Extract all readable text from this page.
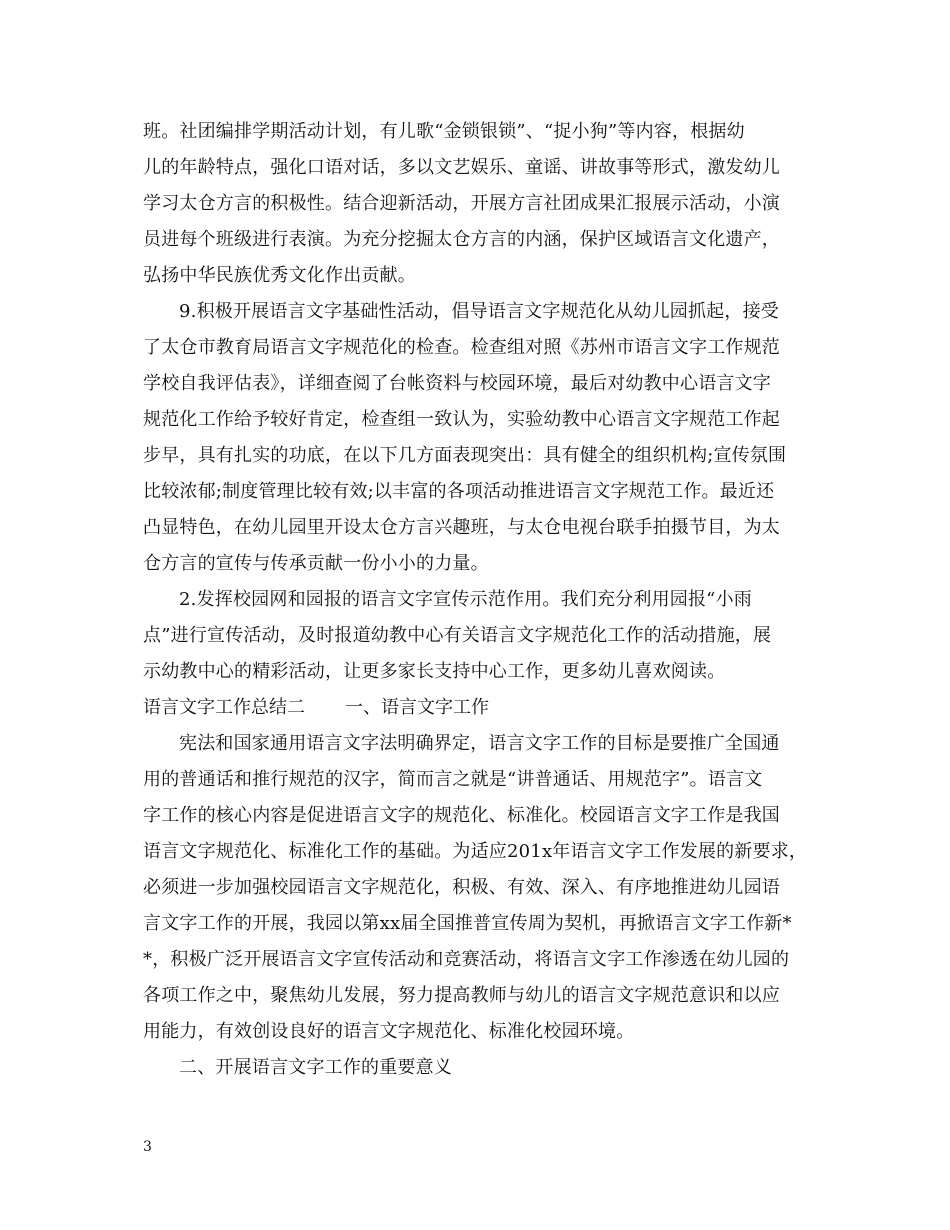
班。社团编排学期活动计划，有儿歌“金锁银锁”、“捉小狗”等内容，根据幼
儿的年龄特点，强化口语对话，多以文艺娱乐、童谣、讲故事等形式，激发幼儿
学习太仓方言的积极性。结合迎新活动，开展方言社团成果汇报展示活动，小演
员进每个班级进行表演。为充分挖掘太仓方言的内涵，保护区域语言文化遗产，
弘扬中华民族优秀文化作出贡献。
9.积极开展语言文字基础性活动，倡导语言文字规范化从幼儿园抓起，接受
了太仓市教育局语言文字规范化的检查。检查组对照《苏州市语言文字工作规范
学校自我评估表》，详细查阅了台帐资料与校园环境，最后对幼教中心语言文字
规范化工作给予较好肯定，检查组一致认为，实验幼教中心语言文字规范工作起
步早，具有扎实的功底，在以下几方面表现突出：具有健全的组织机构;宣传氛围
比较浓郁;制度管理比较有效;以丰富的各项活动推进语言文字规范工作。最近还
凸显特色，在幼儿园里开设太仓方言兴趣班，与太仓电视台联手拍摄节目，为太
仓方言的宣传与传承贡献一份小小的力量。
2.发挥校园网和园报的语言文字宣传示范作用。我们充分利用园报“小雨
点”进行宣传活动，及时报道幼教中心有关语言文字规范化工作的活动措施，展
示幼教中心的精彩活动，让更多家长支持中心工作，更多幼儿喜欢阅读。
语言文字工作总结二 一、语言文字工作
宪法和国家通用语言文字法明确界定，语言文字工作的目标是要推广全国通
用的普通话和推行规范的汉字，简而言之就是“讲普通话、用规范字”。语言文
字工作的核心内容是促进语言文字的规范化、标准化。校园语言文字工作是我国
语言文字规范化、标准化工作的基础。为适应201x年语言文字工作发展的新要求，
必须进一步加强校园语言文字规范化，积极、有效、深入、有序地推进幼儿园语
言文字工作的开展，我园以第xx届全国推普宣传周为契机，再掀语言文字工作新*
*，积极广泛开展语言文字宣传活动和竞赛活动，将语言文字工作渗透在幼儿园的
各项工作之中，聚焦幼儿发展，努力提高教师与幼儿的语言文字规范意识和以应
用能力，有效创设良好的语言文字规范化、标准化校园环境。
二、开展语言文字工作的重要意义
3
